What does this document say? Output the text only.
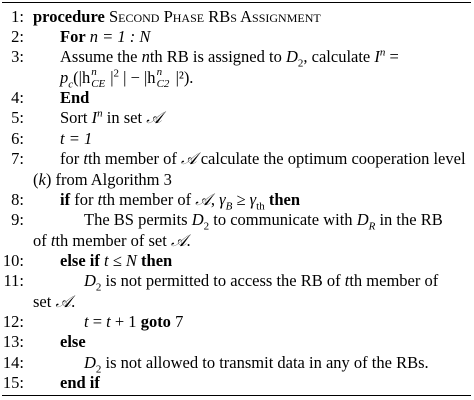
1: procedure Second Phase RBs Assignment
2: For n = 1 : N
3: Assume the nth RB is assigned to $D_2$, calculate $I^n$ =
$p_c(|h$ n
CE $|^2$ | − |h n
C2 |²).
4: End
5: Sort $I^n$ in set 𝒜
6: t = 1
7: for tth member of 𝒜 calculate the optimum cooperation level
(k) from Algorithm 3
8: if for tth member of 𝒜, $\gamma_B \ge \gamma_{th}$ then
9:	The BS permits $D_2$ to communicate with $D_R$ in the RB
of tth member of set 𝒜.
10: else if t ≤ N then
11:	$D_2$ is not permitted to access the RB of tth member of
set 𝒜.
12:	t = t + 1 goto 7
13: else
14:	$D_2$ is not allowed to transmit data in any of the RBs.
15: end if
